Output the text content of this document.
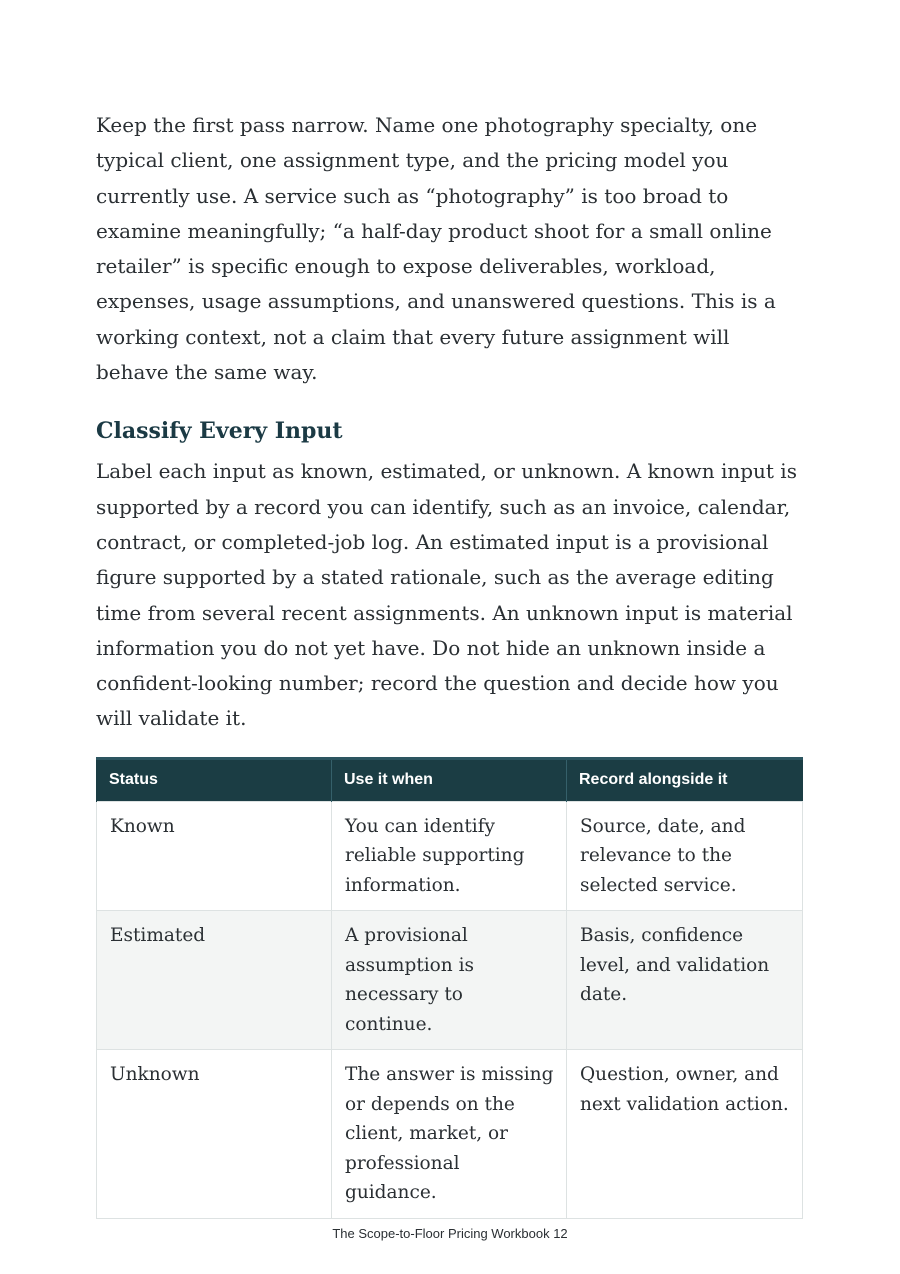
Keep the first pass narrow. Name one photography specialty, one typical client, one assignment type, and the pricing model you currently use. A service such as “photography” is too broad to examine meaningfully; “a half-day product shoot for a small online retailer” is specific enough to expose deliverables, workload, expenses, usage assumptions, and unanswered questions. This is a working context, not a claim that every future assignment will behave the same way.

Classify Every Input

Label each input as known, estimated, or unknown. A known input is supported by a record you can identify, such as an invoice, calendar, contract, or completed-job log. An estimated input is a provisional figure supported by a stated rationale, such as the average editing time from several recent assignments. An unknown input is material information you do not yet have. Do not hide an unknown inside a confident-looking number; record the question and decide how you will validate it.

Status	Use it when	Record alongside it
Known	You can identify reliable supporting information.	Source, date, and relevance to the selected service.
Estimated	A provisional assumption is necessary to continue.	Basis, confidence level, and validation date.
Unknown	The answer is missing or depends on the client, market, or professional guidance.	Question, owner, and next validation action.
The Scope-to-Floor Pricing Workbook 12
